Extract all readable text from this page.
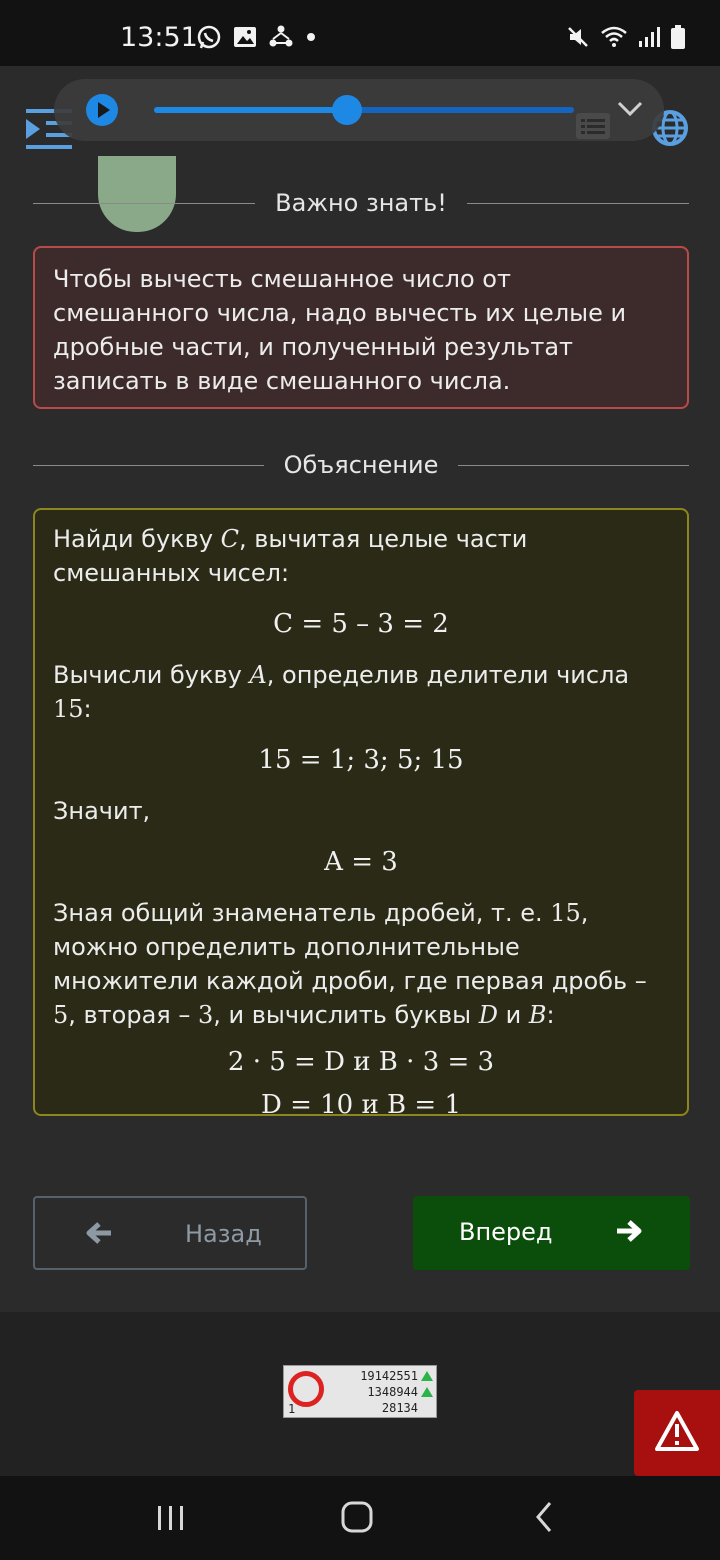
13:51
Важно знать!

Чтобы вычесть смешанное число от смешанного числа, надо вычесть их целые и дробные части, и полученный результат записать в виде смешанного числа.

Объяснение

Найди букву C, вычитая целые части смешанных чисел:

C = 5 – 3 = 2

Вычисли букву A, определив делители числа 15:

15 = 1; 3; 5; 15

Значит,

A = 3

Зная общий знаменатель дробей, т. е. 15, можно определить дополнительные множители каждой дроби, где первая дробь – 5, вторая – 3, и вычислить буквы D и B:

2 · 5 = D и B · 3 = 3
D = 10 и B = 1
Назад	Вперед
19142551
1348944
28134
1
